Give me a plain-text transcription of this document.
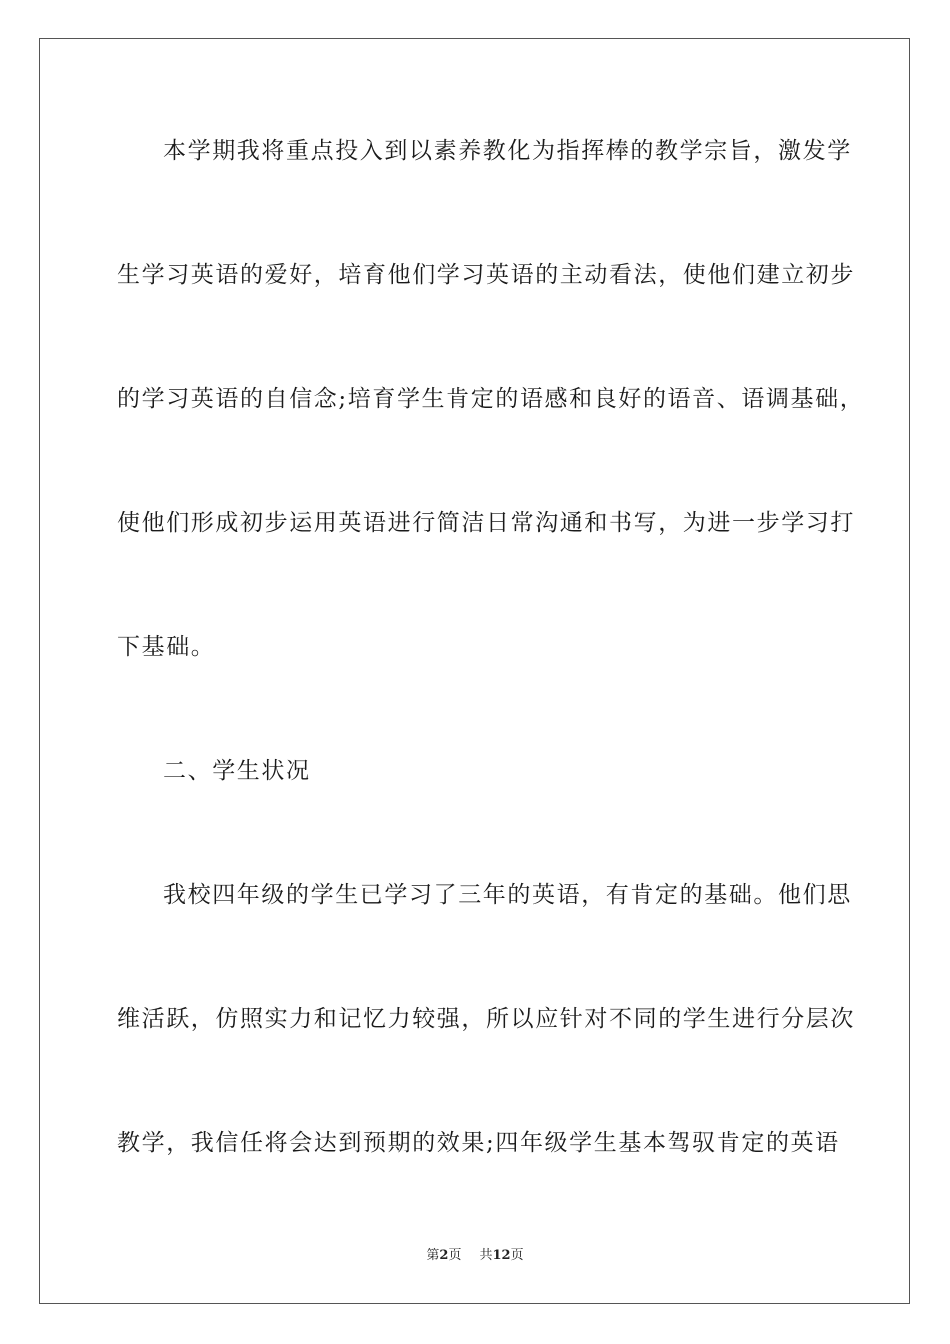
本学期我将重点投入到以素养教化为指挥棒的教学宗旨，激发学
生学习英语的爱好，培育他们学习英语的主动看法，使他们建立初步
的学习英语的自信念;培育学生肯定的语感和良好的语音、语调基础，
使他们形成初步运用英语进行简洁日常沟通和书写，为进一步学习打
下基础。
二、学生状况
我校四年级的学生已学习了三年的英语，有肯定的基础。他们思
维活跃，仿照实力和记忆力较强，所以应针对不同的学生进行分层次
教学，我信任将会达到预期的效果;四年级学生基本驾驭肯定的英语
第2页 共12页
